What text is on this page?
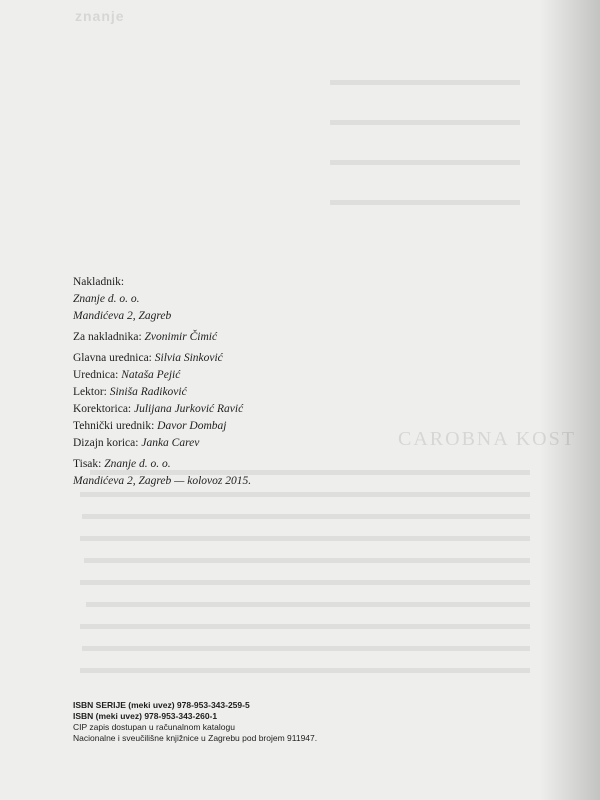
znanje
CAROBNA KOST
Nakladnik:
Znanje d. o. o.
Mandićeva 2, Zagreb
Za nakladnika: Zvonimir Čimić
Glavna urednica: Silvia Sinković
Urednica: Nataša Pejić
Lektor: Siniša Radiković
Korektorica: Julijana Jurković Ravić
Tehnički urednik: Davor Dombaj
Dizajn korica: Janka Carev
Tisak: Znanje d. o. o.
Mandićeva 2, Zagreb — kolovoz 2015.
ISBN SERIJE (meki uvez) 978-953-343-259-5
ISBN (meki uvez) 978-953-343-260-1
CIP zapis dostupan u računalnom katalogu
Nacionalne i sveučilišne knjižnice u Zagrebu pod brojem 911947.
